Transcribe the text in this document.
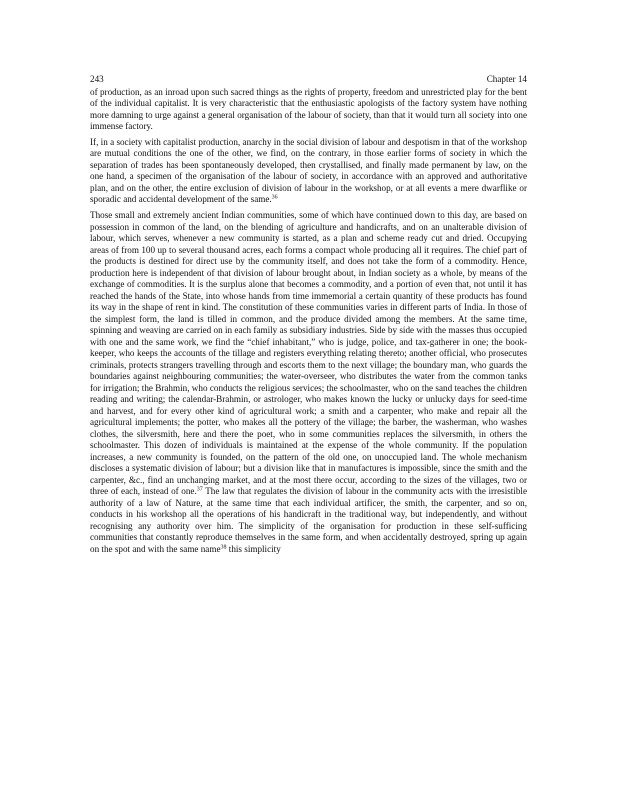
243	Chapter 14

of production, as an inroad upon such sacred things as the rights of property, freedom and unrestricted play for the bent of the individual capitalist. It is very characteristic that the enthusiastic apologists of the factory system have nothing more damning to urge against a general organisation of the labour of society, than that it would turn all society into one immense factory.

If, in a society with capitalist production, anarchy in the social division of labour and despotism in that of the workshop are mutual conditions the one of the other, we find, on the contrary, in those earlier forms of society in which the separation of trades has been spontaneously developed, then crystallised, and finally made permanent by law, on the one hand, a specimen of the organisation of the labour of society, in accordance with an approved and authoritative plan, and on the other, the entire exclusion of division of labour in the workshop, or at all events a mere dwarflike or sporadic and accidental development of the same.$^{36}$

Those small and extremely ancient Indian communities, some of which have continued down to this day, are based on possession in common of the land, on the blending of agriculture and handicrafts, and on an unalterable division of labour, which serves, whenever a new community is started, as a plan and scheme ready cut and dried. Occupying areas of from 100 up to several thousand acres, each forms a compact whole producing all it requires. The chief part of the products is destined for direct use by the community itself, and does not take the form of a commodity. Hence, production here is independent of that division of labour brought about, in Indian society as a whole, by means of the exchange of commodities. It is the surplus alone that becomes a commodity, and a portion of even that, not until it has reached the hands of the State, into whose hands from time immemorial a certain quantity of these products has found its way in the shape of rent in kind. The constitution of these communities varies in different parts of India. In those of the simplest form, the land is tilled in common, and the produce divided among the members. At the same time, spinning and weaving are carried on in each family as subsidiary industries. Side by side with the masses thus occupied with one and the same work, we find the “chief inhabitant,” who is judge, police, and tax-gatherer in one; the book-keeper, who keeps the accounts of the tillage and registers everything relating thereto; another official, who prosecutes criminals, protects strangers travelling through and escorts them to the next village; the boundary man, who guards the boundaries against neighbouring communities; the water-overseer, who distributes the water from the common tanks for irrigation; the Brahmin, who conducts the religious services; the schoolmaster, who on the sand teaches the children reading and writing; the calendar-Brahmin, or astrologer, who makes known the lucky or unlucky days for seed-time and harvest, and for every other kind of agricultural work; a smith and a carpenter, who make and repair all the agricultural implements; the potter, who makes all the pottery of the village; the barber, the washerman, who washes clothes, the silversmith, here and there the poet, who in some communities replaces the silversmith, in others the schoolmaster. This dozen of individuals is maintained at the expense of the whole community. If the population increases, a new community is founded, on the pattern of the old one, on unoccupied land. The whole mechanism discloses a systematic division of labour; but a division like that in manufactures is impossible, since the smith and the carpenter, &c., find an unchanging market, and at the most there occur, according to the sizes of the villages, two or three of each, instead of one.$^{37}$ The law that regulates the division of labour in the community acts with the irresistible authority of a law of Nature, at the same time that each individual artificer, the smith, the carpenter, and so on, conducts in his workshop all the operations of his handicraft in the traditional way, but independently, and without recognising any authority over him. The simplicity of the organisation for production in these self-sufficing communities that constantly reproduce themselves in the same form, and when accidentally destroyed, spring up again on the spot and with the same name$^{38}$ this simplicity
